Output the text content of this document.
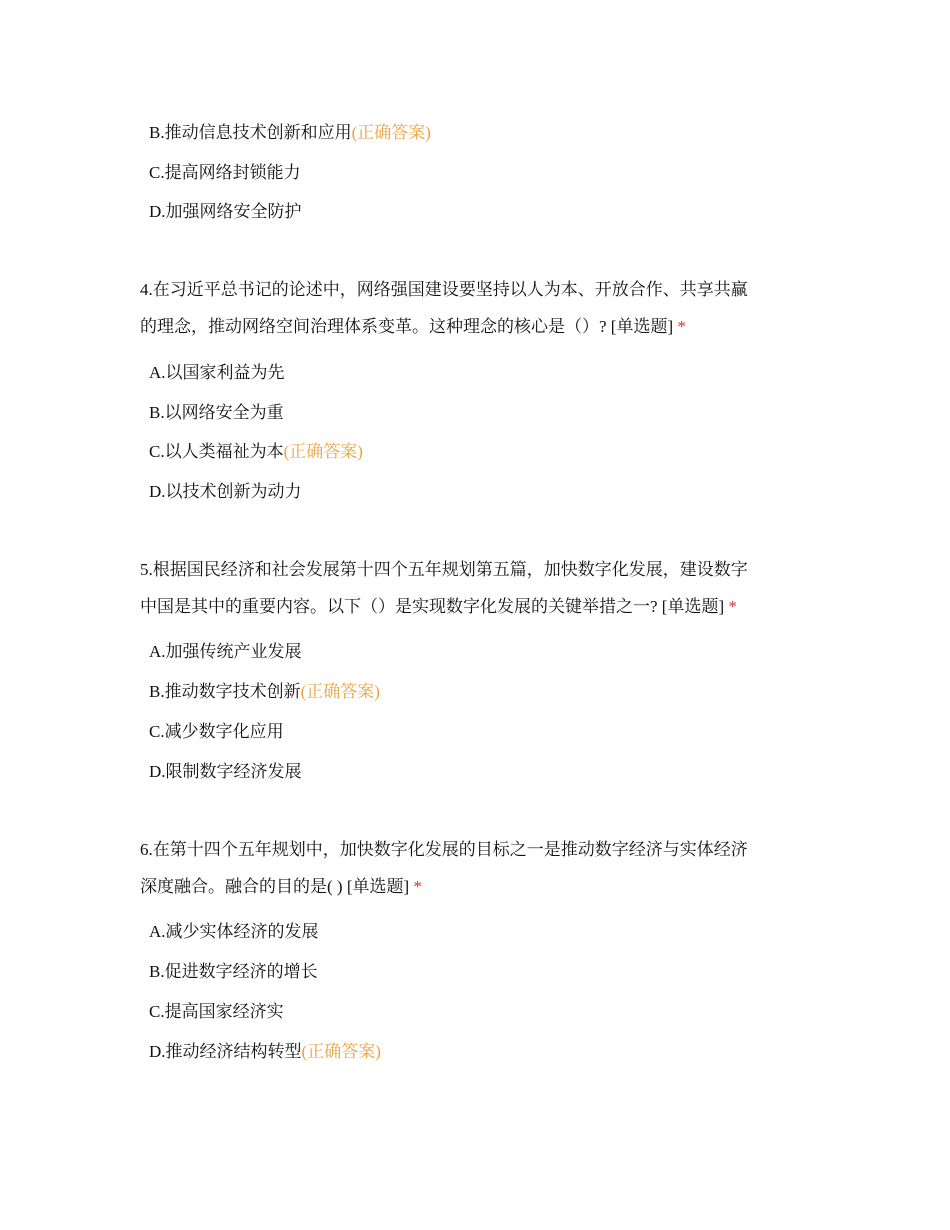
B.推动信息技术创新和应用(正确答案)
C.提高网络封锁能力
D.加强网络安全防护
4.在习近平总书记的论述中，网络强国建设要坚持以人为本、开放合作、共享共赢
的理念，推动网络空间治理体系变革。这种理念的核心是（）? [单选题] *
A.以国家利益为先
B.以网络安全为重
C.以人类福祉为本(正确答案)
D.以技术创新为动力
5.根据国民经济和社会发展第十四个五年规划第五篇，加快数字化发展，建设数字
中国是其中的重要内容。以下（）是实现数字化发展的关键举措之一? [单选题] *
A.加强传统产业发展
B.推动数字技术创新(正确答案)
C.减少数字化应用
D.限制数字经济发展
6.在第十四个五年规划中，加快数字化发展的目标之一是推动数字经济与实体经济
深度融合。融合的目的是( ) [单选题] *
A.减少实体经济的发展
B.促进数字经济的增长
C.提高国家经济实
D.推动经济结构转型(正确答案)
